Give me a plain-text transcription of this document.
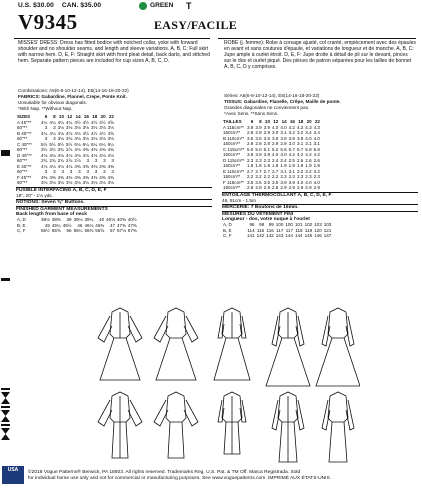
U.S. $30.00 CAN. $35.00	GREEN T
V9345	EASY/FACILE
MISSES' DRESS: Dress has fitted bodice with notched collar, yoke with forward shoulder and no shoulder seams, and length and sleeve variations. A, B, C: Full skirt with narrow hem. D, E, F: Straight skirt with front pleat detail, back darts, and stitched hem. Separate pattern pieces are included for cup sizes A, B, C, D.
Combinations: A5(6-8-10-12-14), E5(14-16-18-20-22)
FABRICS: Gabardine, Flannel, Crepe, Ponte Knit.
Unsuitable for obvious diagonals.
*With Nap. **Without Nap.
SIZES	6	8	10	12	14	16	18	20	22
A 45"**	4¼	4¼	4¼	4¼	4½	4½	4½	4½	4⅝
60"**	3	3	3⅛	3⅛	3⅛	3⅛	3⅛	3⅛	3⅛
B 45"**	4¼	4¼	4⅛	4⅛	4⅛	4½	4½	4½	4⅝
60"**	3	3	3⅛	3⅛	3⅛	3⅛	3⅛	3⅛	3⅛
C 45"**	5½	5½	5½	5½	6⅛	6¼	6¼	6¼	6¼
60"**	3½	3½	3¾	3⅞	4⅛	4⅜	4⅜	4⅜	4⅜
D 45"**	4⅛	4⅛	4⅛	4⅛	4⅛	4⅛	4⅛	4⅛	4⅛
60"**	2¾	2¾	2¾	2⅞	2⅞	3	3	3	3
E 45"**	4⅛	4⅛	4⅛	4⅛	4⅜	4⅜	4⅜	4⅜	4⅜
60"**	3	3	3	3	3	3	3	3	3
F 45"**	4⅜	4⅜	4⅜	4⅜	4⅜	4⅜	4⅜	4⅜	4⅜
60"**	3⅛	3⅛	3⅛	3⅛	3⅛	3⅛	3⅛	3⅛	3⅛
FUSIBLE INTERFACING A, B, C, D, E, F
18", 20" - 1⅛ yds.
NOTIONS: Seven ⅝" Buttons.
FINISHED GARMENT MEASUREMENTS
Back length from base of neck
A, D	38⅛	38⅜	39	39⅛	39¼	40	40⅛	40⅜	40½
B, E	45	45¼	45½	46	46⅛	46⅜	47	47⅜	47⅜
C, F	55½	55⅝	56	56¼	56⅜	56⅝	57	57⅛	57⅜
ROBE (j. femme): Robe à corsage ajusté, col cranté, empiècement avec des épaules en avant et sans coutures d'épaule, et variations de longueur et de manche. A, B, C: Jupe ample à ourlet étroit. D, E, F: Jupe droite à détail de pli sur le devant, pinces sur le dos et ourlet piqué. Des pièces de patron séparées pour les tailles de bonnet A, B, C, D y comprises.
Séries: A5(6-8-10-12-14), E5(14-16-18-20-22)
TISSUS: Gabardine, Flanelle, Crêpe, Maille de ponte.
Grandes diagonales ne conviennent pas.
*Avec Sens. **Sans Sens.
TAILLES	6	8	10	12	14	16	18	20	22
A 115cm**	3.9	3.9	3.9	4.0	4.0	4.2	4.2	4.3	4.3
150cm**	2.8	2.8	2.9	3.0	3.1	3.2	3.2	3.4	3.4
B 115cm**	3.5	3.5	3.5	3.8	3.8	3.9	3.9	4.0	4.0
150cm**	2.8	2.8	2.8	2.9	2.9	3.0	3.1	3.1	3.1
C 115cm**	5.0	5.0	5.1	5.2	5.6	5.7	5.7	5.8	5.8
150cm**	3.9	3.9	3.9	4.0	4.0	4.2	4.2	4.2	4.2
D 115cm**	2.3	2.3	2.3	2.4	2.4	2.5	2.6	2.6	2.6
150cm**	1.8	1.8	1.8	1.8	1.9	1.9	1.9	1.9	1.9
E 115cm**	2.7	2.7	2.7	2.7	3.1	3.1	3.2	3.2	3.2
150cm**	2.2	2.2	2.2	2.2	2.3	2.3	2.3	2.3	2.3
F 115cm**	3.5	3.5	3.5	3.5	3.9	3.9	4.0	4.0	4.0
150cm**	2.8	2.8	2.8	2.8	2.9	2.9	2.9	2.9	2.9
ENTOILAGE THERMOCOLLANT A, B, C, D, E, F
46, 51cm - 1.5m
MERCERIE: 7 Boutons de 16mm.
MESURES DU VÊTEMENT FINI
Longueur - dos, votre nuque à l'ourlet
A, D	96	98	99	100	100	101	102	103	103
B, E	114	115	116	117	117	118	119	120	121
C, F	141	142	142	143	144	144	145	146	147
USA	©2018 Vogue Patterns® Berwick, PA 18603. All rights reserved. Trademarks Reg. U.S. Pat. & TM Off. Marca Registrada. Sold
for individual home use only and not for commercial or manufacturing purposes. See www.voguepatterns.com. IMPRIMÉ AUX ÉTATS-UNIS.
